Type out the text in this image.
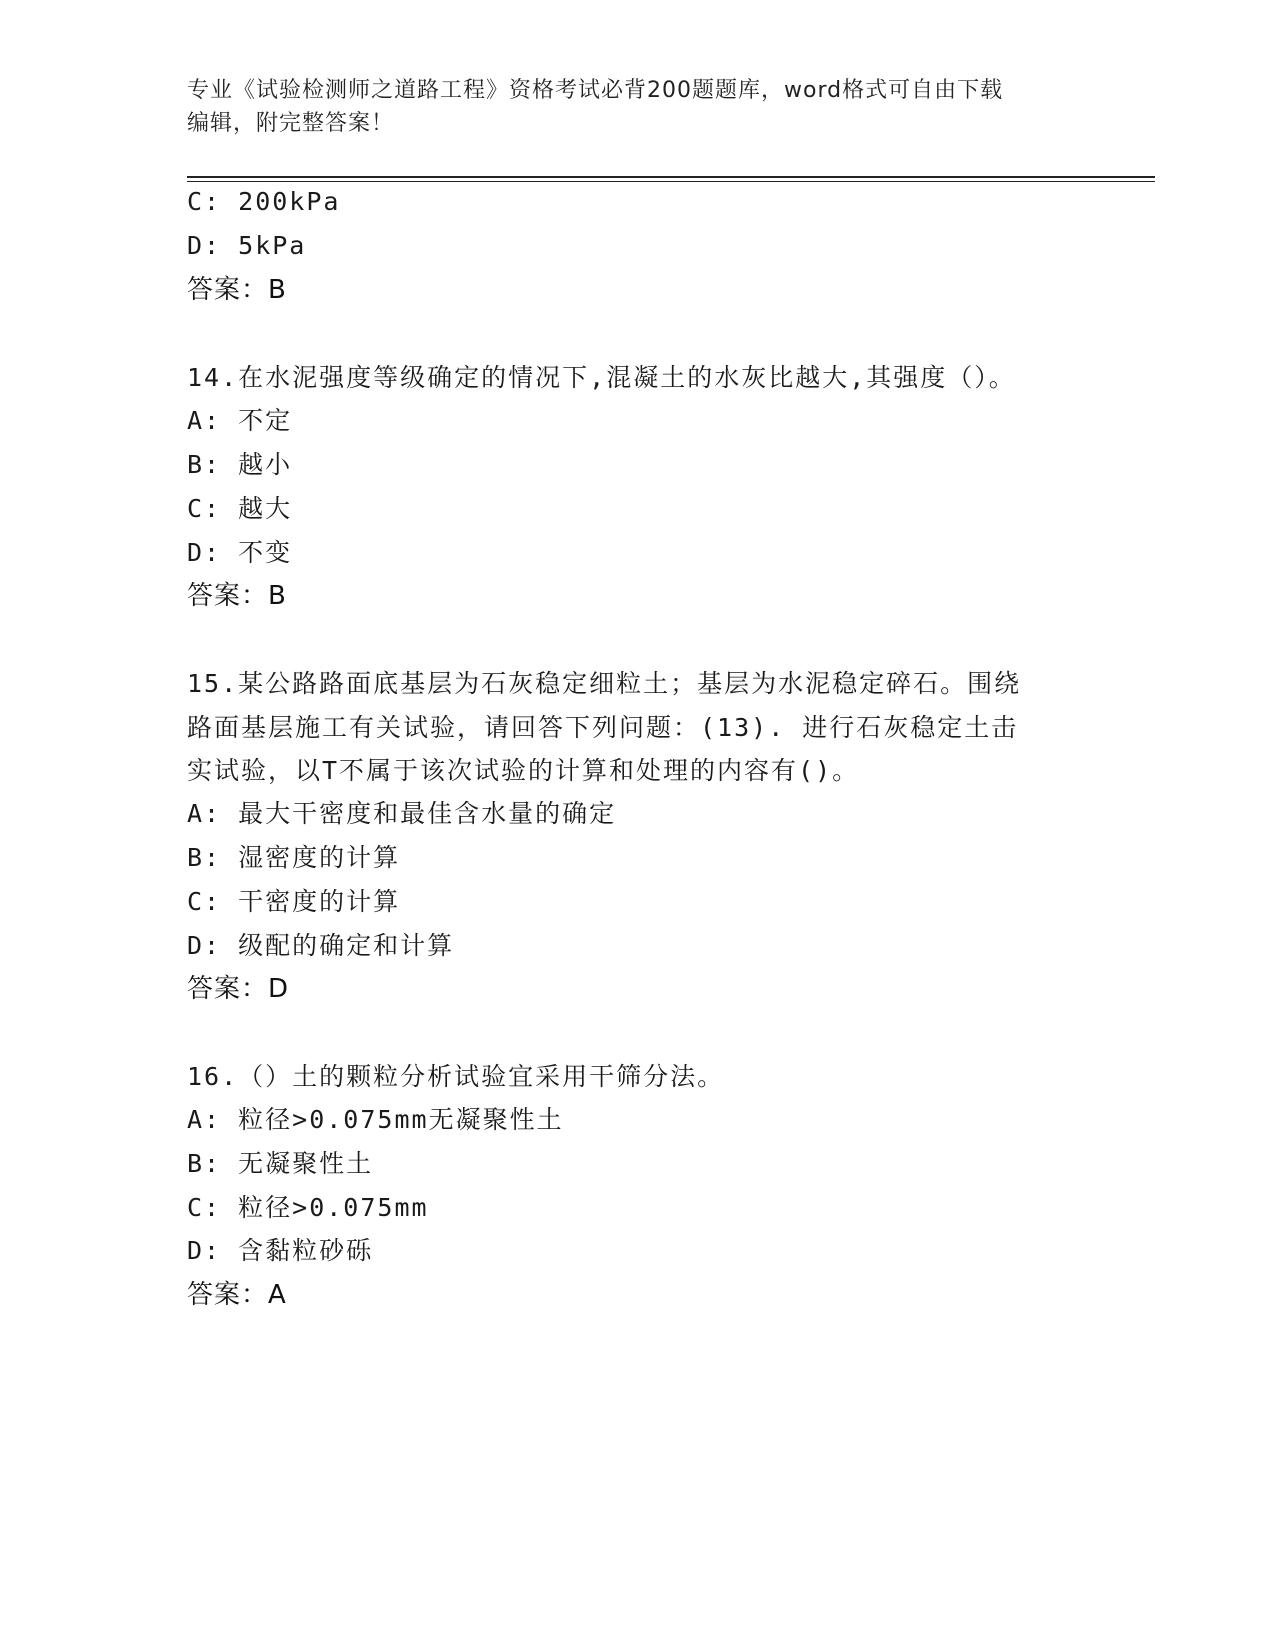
专业《试验检测师之道路工程》资格考试必背200题题库，word格式可自由下载
编辑，附完整答案！
C: 200kPa
D: 5kPa
答案：B
14.在水泥强度等级确定的情况下,混凝土的水灰比越大,其强度（）。
A: 不定
B: 越小
C: 越大
D: 不变
答案：B
15.某公路路面底基层为石灰稳定细粒土；基层为水泥稳定碎石。围绕
路面基层施工有关试验，请回答下列问题：(13). 进行石灰稳定土击
实试验，以T不属于该次试验的计算和处理的内容有()。
A: 最大干密度和最佳含水量的确定
B: 湿密度的计算
C: 干密度的计算
D: 级配的确定和计算
答案：D
16.（）土的颗粒分析试验宜采用干筛分法。
A: 粒径>0.075mm无凝聚性土
B: 无凝聚性土
C: 粒径>0.075mm
D: 含黏粒砂砾
答案：A
